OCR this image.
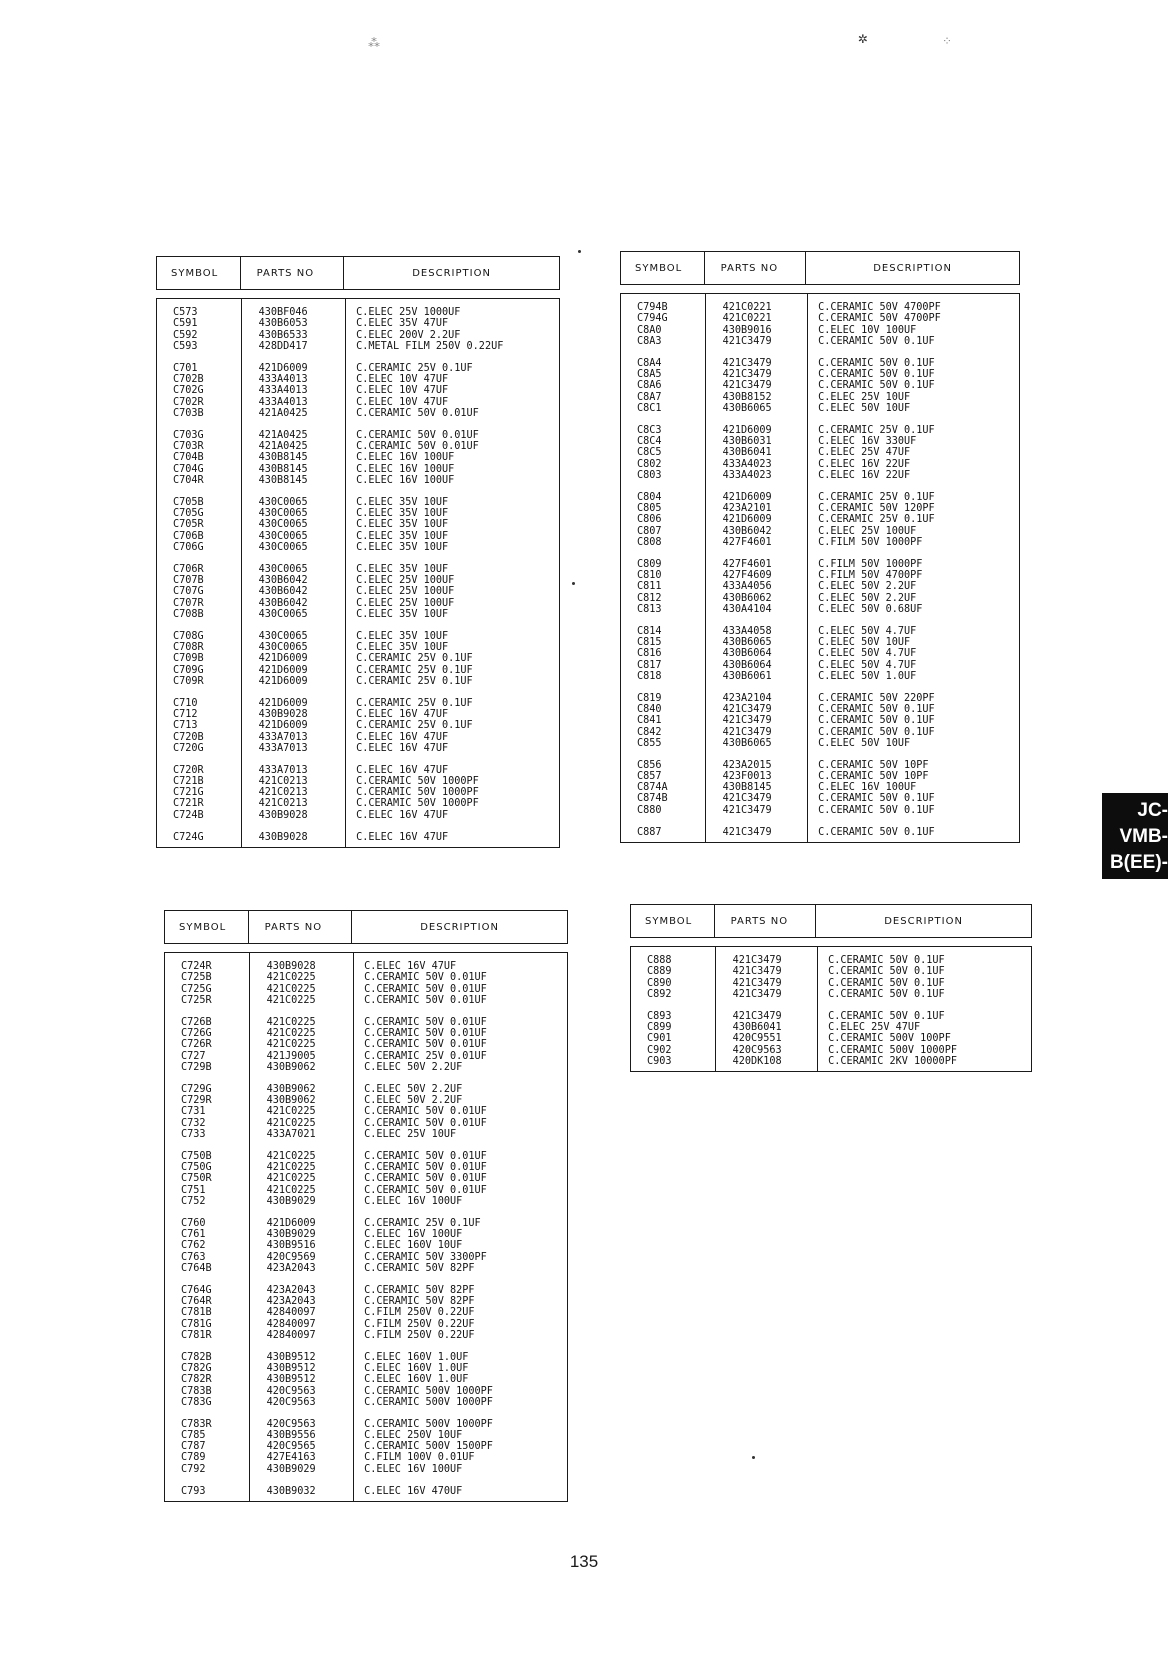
⁂	✲	⁘
SYMBOL	PARTS NO	DESCRIPTION
C573	430BF046	C.ELEC 25V 1000UF
C591	430B6053	C.ELEC 35V 47UF
C592	430B6533	C.ELEC 200V 2.2UF
C593	428DD417	C.METAL FILM 250V 0.22UF
C701	421D6009	C.CERAMIC 25V 0.1UF
C702B	433A4013	C.ELEC 10V 47UF
C702G	433A4013	C.ELEC 10V 47UF
C702R	433A4013	C.ELEC 10V 47UF
C703B	421A0425	C.CERAMIC 50V 0.01UF
C703G	421A0425	C.CERAMIC 50V 0.01UF
C703R	421A0425	C.CERAMIC 50V 0.01UF
C704B	430B8145	C.ELEC 16V 100UF
C704G	430B8145	C.ELEC 16V 100UF
C704R	430B8145	C.ELEC 16V 100UF
C705B	430C0065	C.ELEC 35V 10UF
C705G	430C0065	C.ELEC 35V 10UF
C705R	430C0065	C.ELEC 35V 10UF
C706B	430C0065	C.ELEC 35V 10UF
C706G	430C0065	C.ELEC 35V 10UF
C706R	430C0065	C.ELEC 35V 10UF
C707B	430B6042	C.ELEC 25V 100UF
C707G	430B6042	C.ELEC 25V 100UF
C707R	430B6042	C.ELEC 25V 100UF
C708B	430C0065	C.ELEC 35V 10UF
C708G	430C0065	C.ELEC 35V 10UF
C708R	430C0065	C.ELEC 35V 10UF
C709B	421D6009	C.CERAMIC 25V 0.1UF
C709G	421D6009	C.CERAMIC 25V 0.1UF
C709R	421D6009	C.CERAMIC 25V 0.1UF
C710	421D6009	C.CERAMIC 25V 0.1UF
C712	430B9028	C.ELEC 16V 47UF
C713	421D6009	C.CERAMIC 25V 0.1UF
C720B	433A7013	C.ELEC 16V 47UF
C720G	433A7013	C.ELEC 16V 47UF
C720R	433A7013	C.ELEC 16V 47UF
C721B	421C0213	C.CERAMIC 50V 1000PF
C721G	421C0213	C.CERAMIC 50V 1000PF
C721R	421C0213	C.CERAMIC 50V 1000PF
C724B	430B9028	C.ELEC 16V 47UF
C724G	430B9028	C.ELEC 16V 47UF
SYMBOL	PARTS NO	DESCRIPTION
C794B	421C0221	C.CERAMIC 50V 4700PF
C794G	421C0221	C.CERAMIC 50V 4700PF
C8A0	430B9016	C.ELEC 10V 100UF
C8A3	421C3479	C.CERAMIC 50V 0.1UF
C8A4	421C3479	C.CERAMIC 50V 0.1UF
C8A5	421C3479	C.CERAMIC 50V 0.1UF
C8A6	421C3479	C.CERAMIC 50V 0.1UF
C8A7	430B8152	C.ELEC 25V 10UF
C8C1	430B6065	C.ELEC 50V 10UF
C8C3	421D6009	C.CERAMIC 25V 0.1UF
C8C4	430B6031	C.ELEC 16V 330UF
C8C5	430B6041	C.ELEC 25V 47UF
C802	433A4023	C.ELEC 16V 22UF
C803	433A4023	C.ELEC 16V 22UF
C804	421D6009	C.CERAMIC 25V 0.1UF
C805	423A2101	C.CERAMIC 50V 120PF
C806	421D6009	C.CERAMIC 25V 0.1UF
C807	430B6042	C.ELEC 25V 100UF
C808	427F4601	C.FILM 50V 1000PF
C809	427F4601	C.FILM 50V 1000PF
C810	427F4609	C.FILM 50V 4700PF
C811	433A4056	C.ELEC 50V 2.2UF
C812	430B6062	C.ELEC 50V 2.2UF
C813	430A4104	C.ELEC 50V 0.68UF
C814	433A4058	C.ELEC 50V 4.7UF
C815	430B6065	C.ELEC 50V 10UF
C816	430B6064	C.ELEC 50V 4.7UF
C817	430B6064	C.ELEC 50V 4.7UF
C818	430B6061	C.ELEC 50V 1.0UF
C819	423A2104	C.CERAMIC 50V 220PF
C840	421C3479	C.CERAMIC 50V 0.1UF
C841	421C3479	C.CERAMIC 50V 0.1UF
C842	421C3479	C.CERAMIC 50V 0.1UF
C855	430B6065	C.ELEC 50V 10UF
C856	423A2015	C.CERAMIC 50V 10PF
C857	423F0013	C.CERAMIC 50V 10PF
C874A	430B8145	C.ELEC 16V 100UF
C874B	421C3479	C.CERAMIC 50V 0.1UF
C880	421C3479	C.CERAMIC 50V 0.1UF
C887	421C3479	C.CERAMIC 50V 0.1UF
SYMBOL	PARTS NO	DESCRIPTION
C724R	430B9028	C.ELEC 16V 47UF
C725B	421C0225	C.CERAMIC 50V 0.01UF
C725G	421C0225	C.CERAMIC 50V 0.01UF
C725R	421C0225	C.CERAMIC 50V 0.01UF
C726B	421C0225	C.CERAMIC 50V 0.01UF
C726G	421C0225	C.CERAMIC 50V 0.01UF
C726R	421C0225	C.CERAMIC 50V 0.01UF
C727	421J9005	C.CERAMIC 25V 0.01UF
C729B	430B9062	C.ELEC 50V 2.2UF
C729G	430B9062	C.ELEC 50V 2.2UF
C729R	430B9062	C.ELEC 50V 2.2UF
C731	421C0225	C.CERAMIC 50V 0.01UF
C732	421C0225	C.CERAMIC 50V 0.01UF
C733	433A7021	C.ELEC 25V 10UF
C750B	421C0225	C.CERAMIC 50V 0.01UF
C750G	421C0225	C.CERAMIC 50V 0.01UF
C750R	421C0225	C.CERAMIC 50V 0.01UF
C751	421C0225	C.CERAMIC 50V 0.01UF
C752	430B9029	C.ELEC 16V 100UF
C760	421D6009	C.CERAMIC 25V 0.1UF
C761	430B9029	C.ELEC 16V 100UF
C762	430B9516	C.ELEC 160V 10UF
C763	420C9569	C.CERAMIC 50V 3300PF
C764B	423A2043	C.CERAMIC 50V 82PF
C764G	423A2043	C.CERAMIC 50V 82PF
C764R	423A2043	C.CERAMIC 50V 82PF
C781B	42840097	C.FILM 250V 0.22UF
C781G	42840097	C.FILM 250V 0.22UF
C781R	42840097	C.FILM 250V 0.22UF
C782B	430B9512	C.ELEC 160V 1.0UF
C782G	430B9512	C.ELEC 160V 1.0UF
C782R	430B9512	C.ELEC 160V 1.0UF
C783B	420C9563	C.CERAMIC 500V 1000PF
C783G	420C9563	C.CERAMIC 500V 1000PF
C783R	420C9563	C.CERAMIC 500V 1000PF
C785	430B9556	C.ELEC 250V 10UF
C787	420C9565	C.CERAMIC 500V 1500PF
C789	427E4163	C.FILM 100V 0.01UF
C792	430B9029	C.ELEC 16V 100UF
C793	430B9032	C.ELEC 16V 470UF
SYMBOL	PARTS NO	DESCRIPTION
C888	421C3479	C.CERAMIC 50V 0.1UF
C889	421C3479	C.CERAMIC 50V 0.1UF
C890	421C3479	C.CERAMIC 50V 0.1UF
C892	421C3479	C.CERAMIC 50V 0.1UF
C893	421C3479	C.CERAMIC 50V 0.1UF
C899	430B6041	C.ELEC 25V 47UF
C901	420C9551	C.CERAMIC 500V 100PF
C902	420C9563	C.CERAMIC 500V 1000PF
C903	420DK108	C.CERAMIC 2KV 10000PF
135
JC-
VMB-
B(EE)-
